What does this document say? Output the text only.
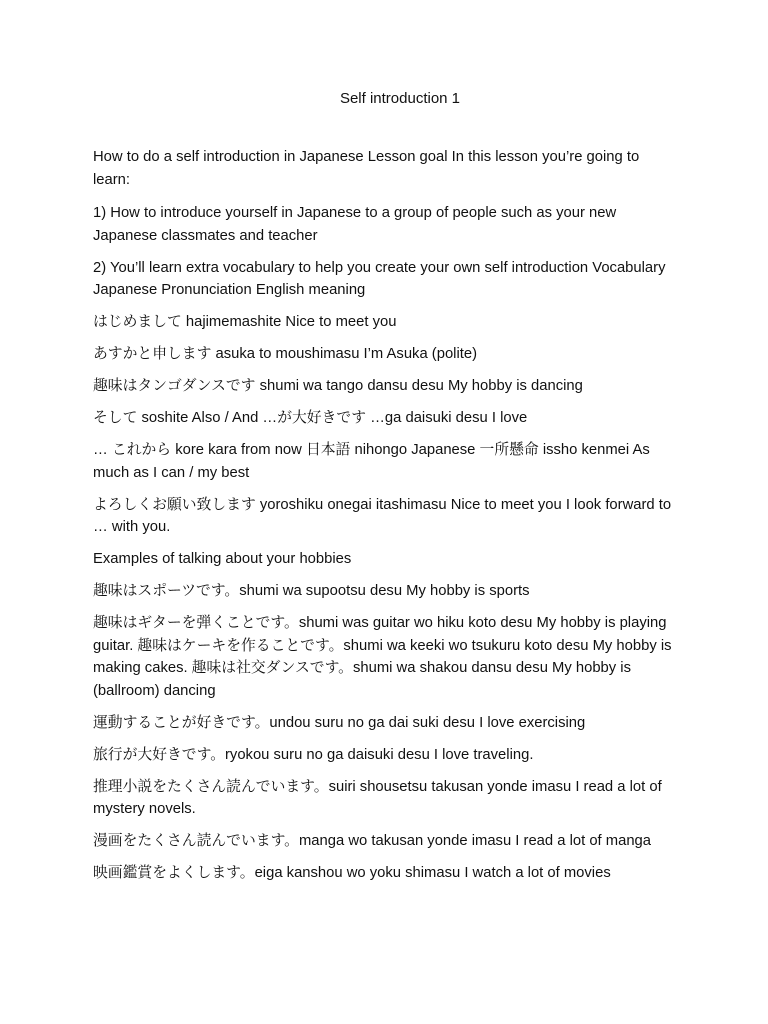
Self introduction 1

How to do a self introduction in Japanese Lesson goal In this lesson you’re going to learn:

1) How to introduce yourself in Japanese to a group of people such as your new Japanese classmates and teacher

2) You’ll learn extra vocabulary to help you create your own self introduction Vocabulary Japanese Pronunciation English meaning

はじめまして hajimemashite Nice to meet you

あすかと申します asuka to moushimasu I’m Asuka (polite)

趣味はタンゴダンスです shumi wa tango dansu desu My hobby is dancing

そして soshite Also / And …が大好きです …ga daisuki desu I love

… これから kore kara from now 日本語 nihongo Japanese 一所懸命 issho kenmei As much as I can / my best

よろしくお願い致します yoroshiku onegai itashimasu Nice to meet you I look forward to … with you.

Examples of talking about your hobbies

趣味はスポーツです。shumi wa supootsu desu My hobby is sports

趣味はギターを弾くことです。shumi was guitar wo hiku koto desu My hobby is playing guitar. 趣味はケーキを作ることです。shumi wa keeki wo tsukuru koto desu My hobby is making cakes. 趣味は社交ダンスです。shumi wa shakou dansu desu My hobby is (ballroom) dancing

運動することが好きです。undou suru no ga dai suki desu I love exercising

旅行が大好きです。ryokou suru no ga daisuki desu I love traveling.

推理小説をたくさん読んでいます。suiri shousetsu takusan yonde imasu I read a lot of mystery novels.

漫画をたくさん読んでいます。manga wo takusan yonde imasu I read a lot of manga

映画鑑賞をよくします。eiga kanshou wo yoku shimasu I watch a lot of movies
